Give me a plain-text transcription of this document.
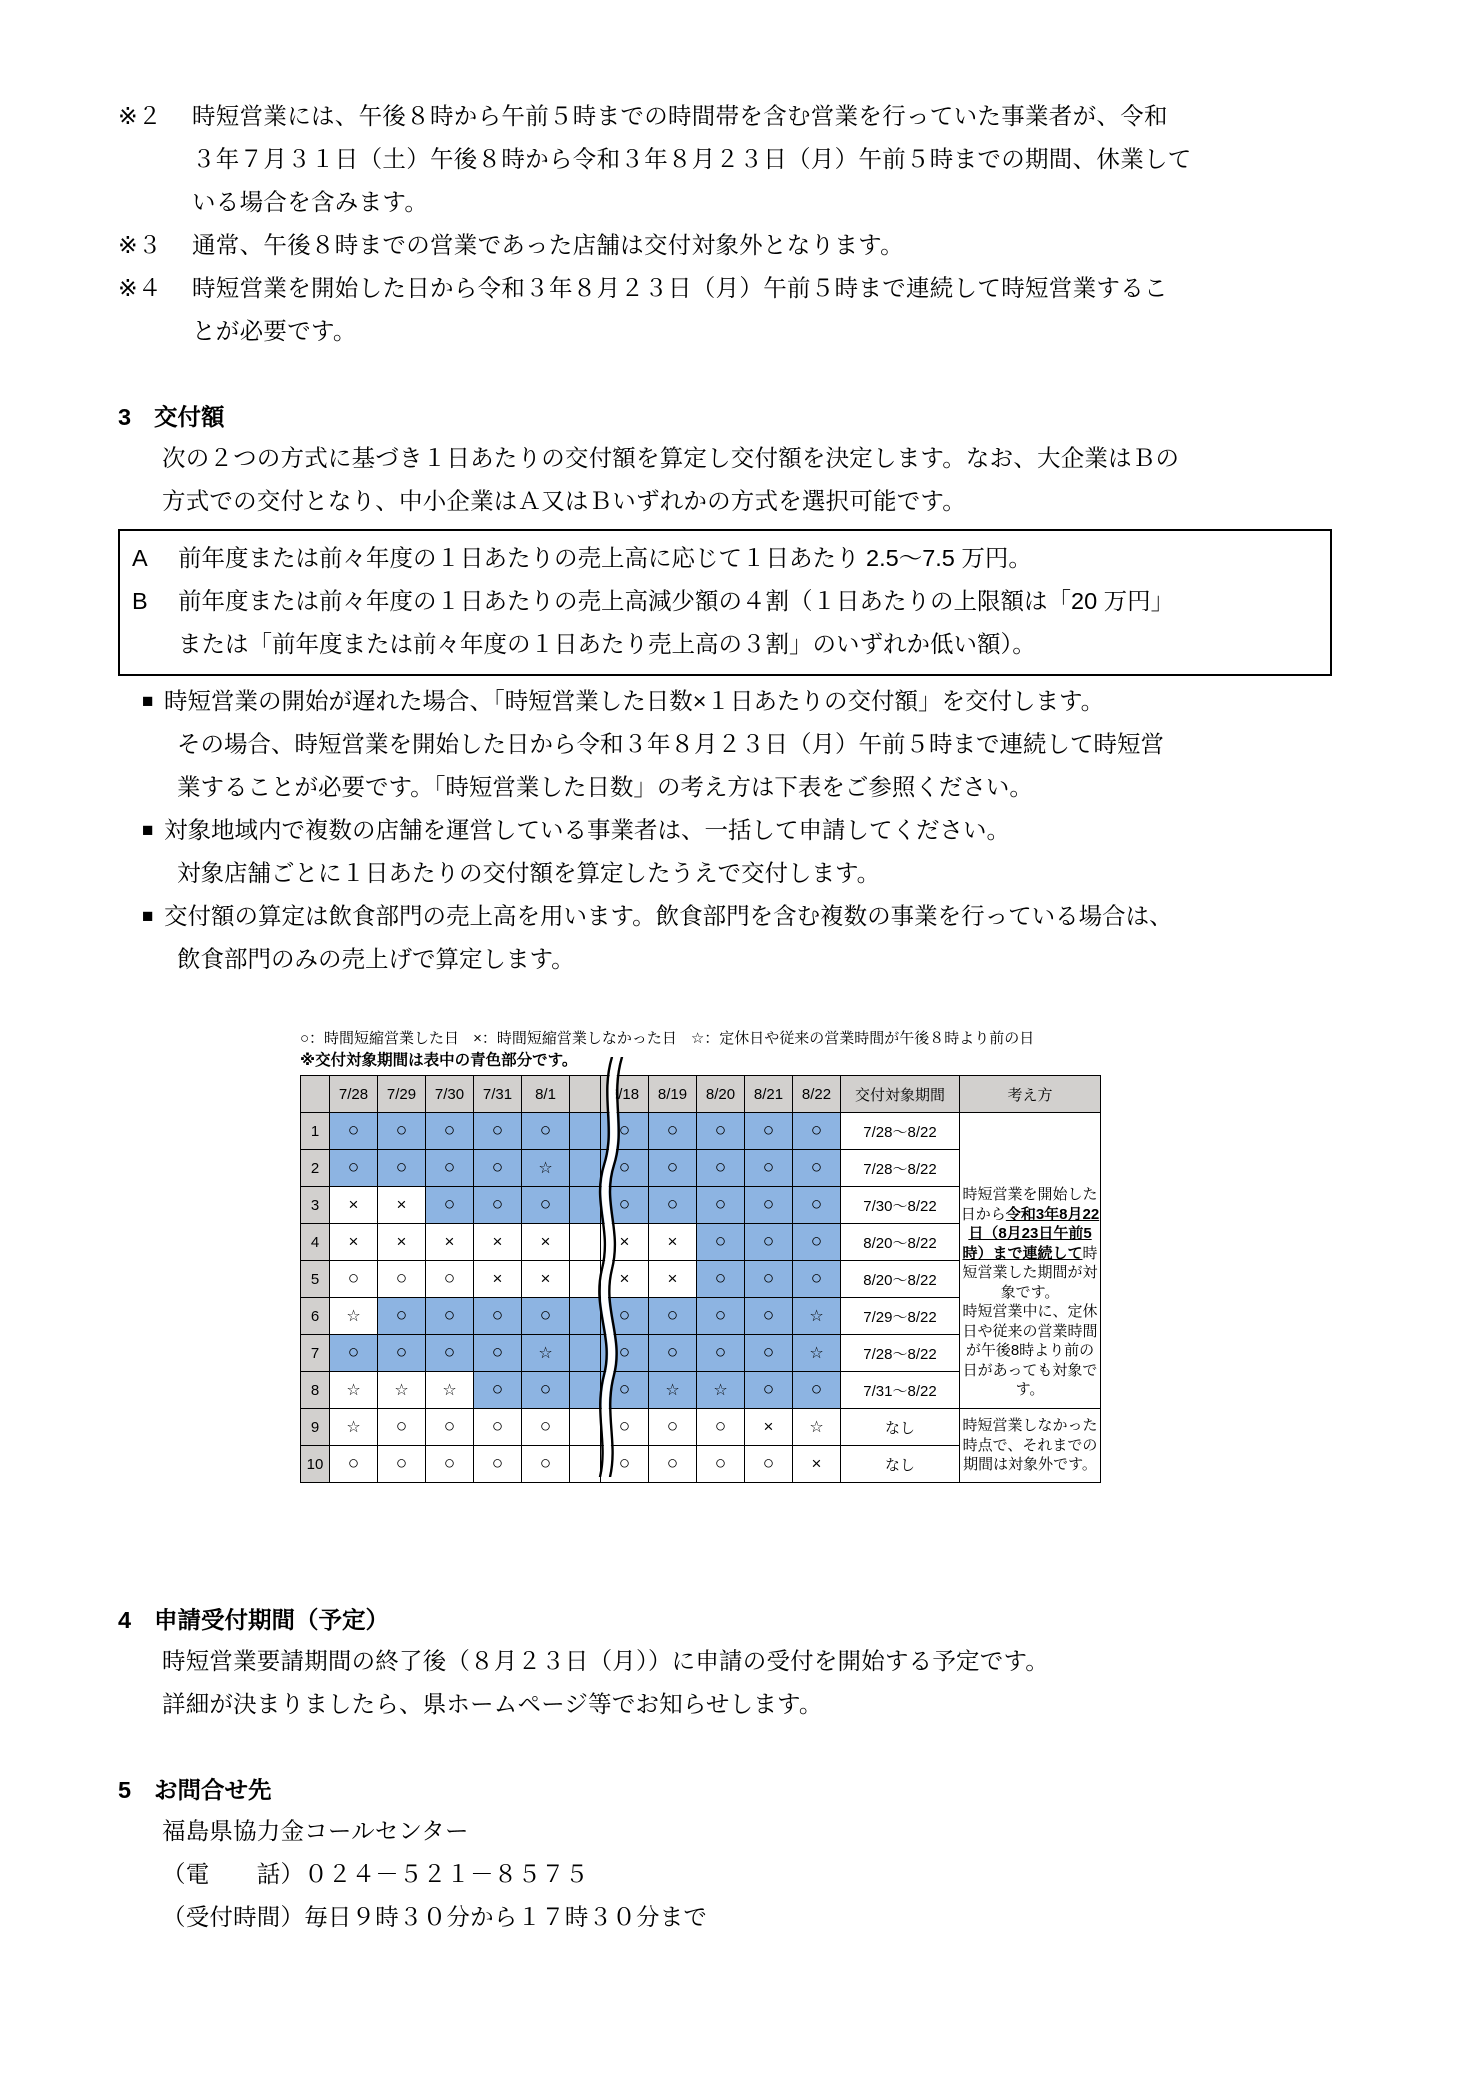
※２	時短営業には、午後８時から午前５時までの時間帯を含む営業を行っていた事業者が、令和

３年７月３１日（土）午後８時から令和３年８月２３日（月）午前５時までの期間、休業して

いる場合を含みます。

※３	通常、午後８時までの営業であった店舗は交付対象外となります。

※４	時短営業を開始した日から令和３年８月２３日（月）午前５時まで連続して時短営業するこ

とが必要です。

3 交付額

次の２つの方式に基づき１日あたりの交付額を算定し交付額を決定します。なお、大企業はＢの

方式での交付となり、中小企業はＡ又はＢいずれかの方式を選択可能です。

A	前年度または前々年度の１日あたりの売上高に応じて１日あたり 2.5〜7.5 万円。

B	前年度または前々年度の１日あたりの売上高減少額の４割（１日あたりの上限額は「20 万円」

または「前年度または前々年度の１日あたり売上高の３割」のいずれか低い額）。

■ 時短営業の開始が遅れた場合、「時短営業した日数×１日あたりの交付額」を交付します。

その場合、時短営業を開始した日から令和３年８月２３日（月）午前５時まで連続して時短営

業することが必要です。「時短営業した日数」の考え方は下表をご参照ください。

■ 対象地域内で複数の店舗を運営している事業者は、一括して申請してください。

対象店舗ごとに１日あたりの交付額を算定したうえで交付します。

■ 交付額の算定は飲食部門の売上高を用います。飲食部門を含む複数の事業を行っている場合は、

飲食部門のみの売上げで算定します。

○：時間短縮営業した日 ×：時間短縮営業しなかった日 ☆：定休日や従来の営業時間が午後８時より前の日
※交付対象期間は表中の青色部分です。
	7/28	7/29	7/30	7/31	8/1		8/18	8/19	8/20	8/21	8/22	交付対象期間	考え方
1	○	○	○	○	○		○	○	○	○	○	7/28〜8/22	時短営業を開始した日から令和3年8月22日（8月23日午前5時）まで連続して時短営業した期間が対象です。
時短営業中に、定休日や従来の営業時間が午後8時より前の日があっても対象です。

2	○	○	○	○	☆		○	○	○	○	○	7/28〜8/22	
3	×	×	○	○	○		○	○	○	○	○	7/30〜8/22	
4	×	×	×	×	×		×	×	○	○	○	8/20〜8/22	
5	○	○	○	×	×		×	×	○	○	○	8/20〜8/22	
6	☆	○	○	○	○		○	○	○	○	☆	7/29〜8/22	
7	○	○	○	○	☆		○	○	○	○	☆	7/28〜8/22	
8	☆	☆	☆	○	○		○	☆	☆	○	○	7/31〜8/22	
9	☆	○	○	○	○		○	○	○	×	☆	なし	時短営業しなかった時点で、それまでの期間は対象外です。
10	○	○	○	○	○		○	○	○	○	×	なし	
4 申請受付期間（予定）

時短営業要請期間の終了後（８月２３日（月））に申請の受付を開始する予定です。

詳細が決まりましたら、県ホームページ等でお知らせします。

5 お問合せ先

福島県協力金コールセンター

（電　　話）０２４－５２１－８５７５

（受付時間）毎日９時３０分から１７時３０分まで
